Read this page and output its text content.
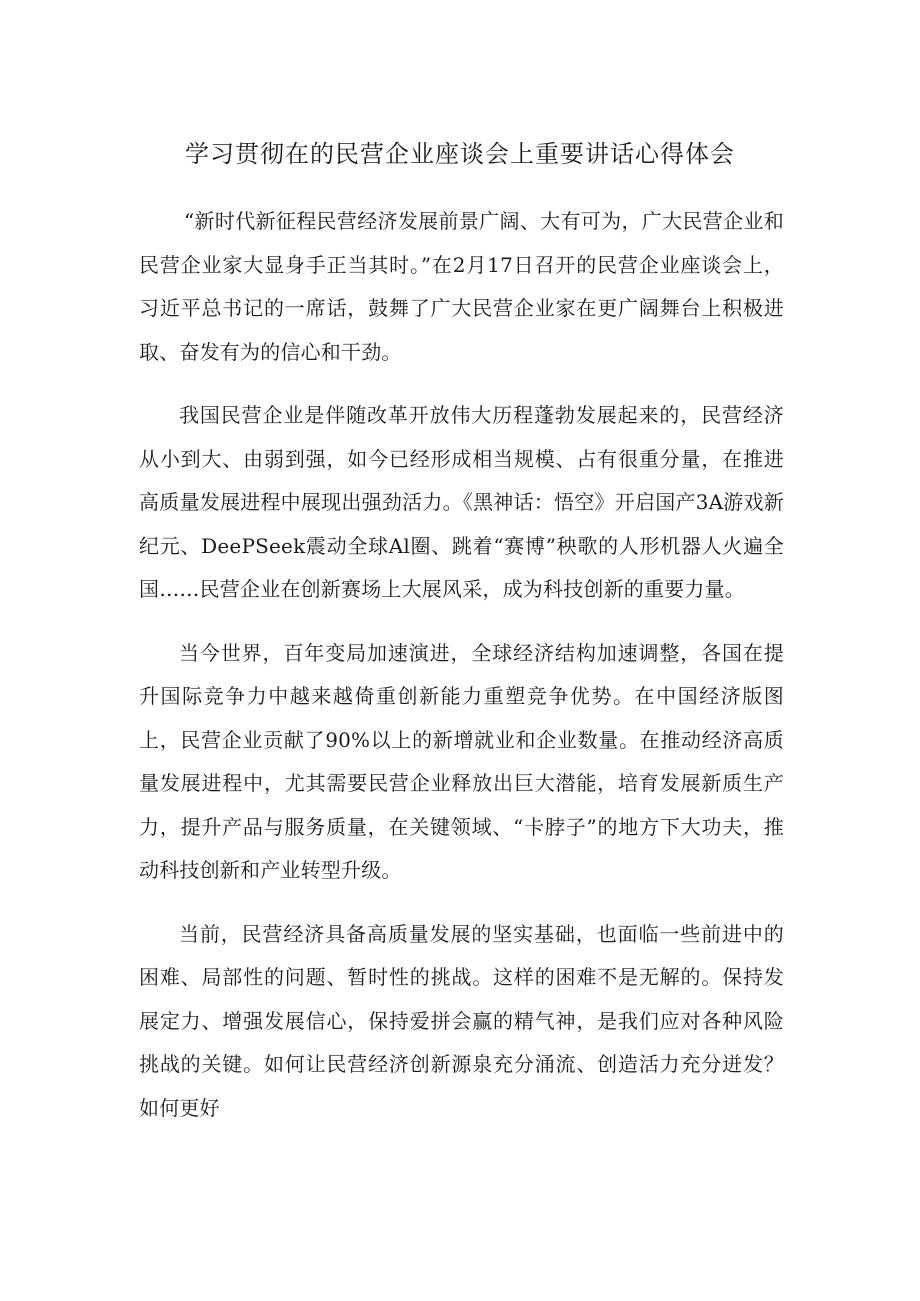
学习贯彻在的民营企业座谈会上重要讲话心得体会

“新时代新征程民营经济发展前景广阔、大有可为，广大民营企业和民营企业家大显身手正当其时。”在2月17日召开的民营企业座谈会上，习近平总书记的一席话，鼓舞了广大民营企业家在更广阔舞台上积极进取、奋发有为的信心和干劲。

我国民营企业是伴随改革开放伟大历程蓬勃发展起来的，民营经济从小到大、由弱到强，如今已经形成相当规模、占有很重分量，在推进高质量发展进程中展现出强劲活力。《黑神话：悟空》开启国产3A游戏新纪元、DeePSeek震动全球Al圈、跳着“赛博”秧歌的人形机器人火遍全国……民营企业在创新赛场上大展风采，成为科技创新的重要力量。

当今世界，百年变局加速演进，全球经济结构加速调整，各国在提升国际竞争力中越来越倚重创新能力重塑竞争优势。在中国经济版图上，民营企业贡献了90%以上的新增就业和企业数量。在推动经济高质量发展进程中，尤其需要民营企业释放出巨大潜能，培育发展新质生产力，提升产品与服务质量，在关键领域、“卡脖子”的地方下大功夫，推动科技创新和产业转型升级。

当前，民营经济具备高质量发展的坚实基础，也面临一些前进中的困难、局部性的问题、暂时性的挑战。这样的困难不是无解的。保持发展定力、增强发展信心，保持爱拼会赢的精气神，是我们应对各种风险挑战的关键。如何让民营经济创新源泉充分涌流、创造活力充分迸发？如何更好
